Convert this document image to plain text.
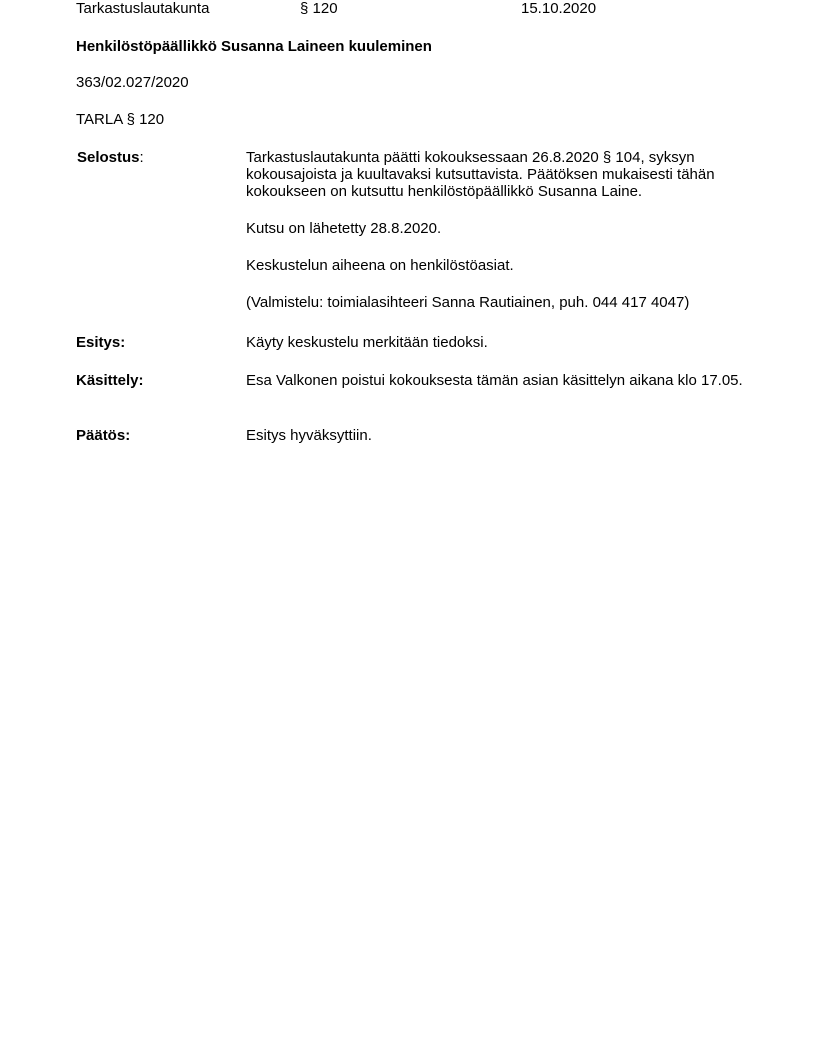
Tarkastuslautakunta	§ 120	15.10.2020
Henkilöstöpäällikkö Susanna Laineen kuuleminen
363/02.027/2020
TARLA § 120
Selostus:	Tarkastuslautakunta päätti kokouksessaan 26.8.2020 § 104, syksyn kokousajoista ja kuultavaksi kutsuttavista. Päätöksen mukaisesti tähän kokoukseen on kutsuttu henkilöstöpäällikkö Susanna Laine.

Kutsu on lähetetty 28.8.2020.

Keskustelun aiheena on henkilöstöasiat.

(Valmistelu: toimialasihteeri Sanna Rautiainen, puh. 044 417 4047)

Esitys:	Käyty keskustelu merkitään tiedoksi.

Käsittely:	Esa Valkonen poistui kokouksesta tämän asian käsittelyn aikana klo 17.05.

Päätös:	Esitys hyväksyttiin.
